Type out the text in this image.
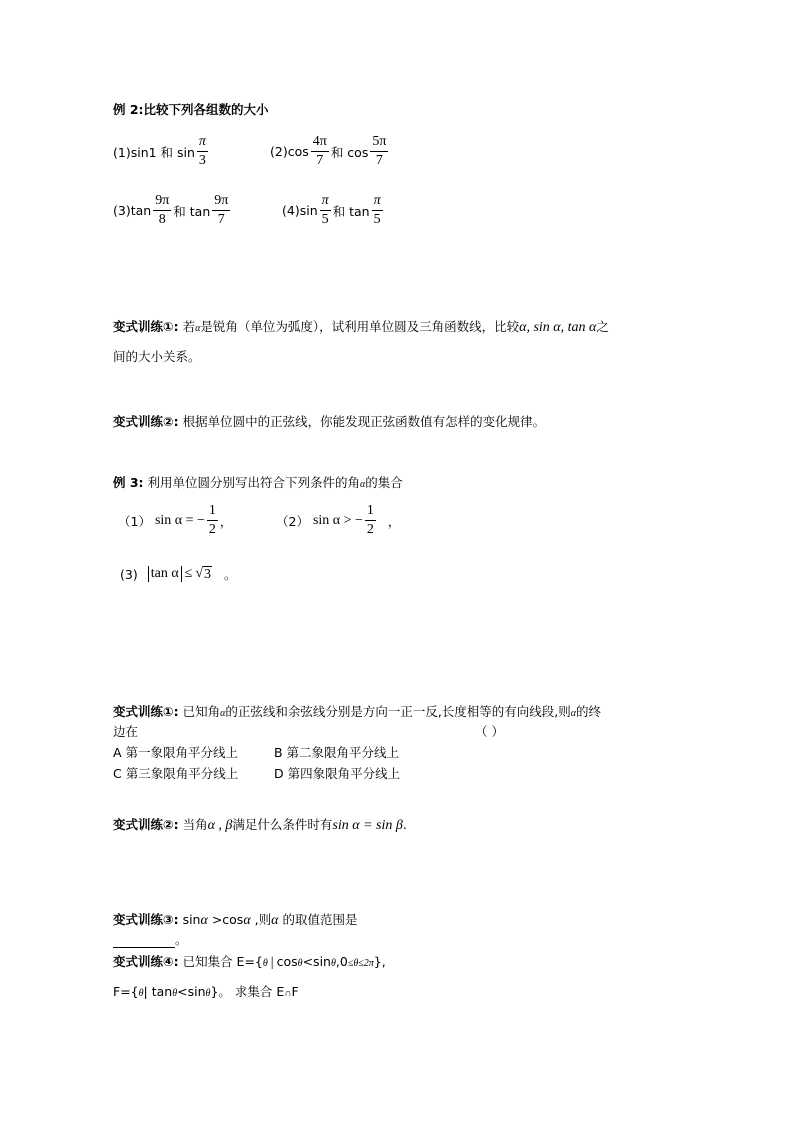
例 2:比较下列各组数的大小
(1)sin1 和 $\sin \frac{\pi}{3}$	$(2)\cos \frac{4\pi}{7}$ 和 $\cos \frac{5\pi}{7}$
$(3)\tan \frac{9\pi}{8}$ 和 $\tan \frac{9\pi}{7}$	$(4)\sin \frac{\pi}{5}$ 和 $\tan \frac{\pi}{5}$
变式训练①: 若α是锐角（单位为弧度），试利用单位圆及三角函数线，比较α, sin α, tan α之
间的大小关系。
变式训练②: 根据单位圆中的正弦线，你能发现正弦函数值有怎样的变化规律。
例 3: 利用单位圆分别写出符合下列条件的角α的集合
（1） sin α = − $\frac{1}{2}$ ，	（2） sin α > − $\frac{1}{2}$ ，
(3) tan α ≤ √ 3 。
变式训练①: 已知角α的正弦线和余弦线分别是方向一正一反,长度相等的有向线段,则α的终
边在	（ ）
A 第一象限角平分线上	B 第二象限角平分线上
C 第三象限角平分线上	D 第四象限角平分线上
变式训练②: 当角α , β满足什么条件时有sin α = sin β.
变式训练③: sinα >cosα ,则α 的取值范围是
。
变式训练④: 已知集合 E={θ | cosθ<sinθ,0≤θ≤2π},
F={θ| tanθ<sinθ}。 求集合 E∩F
